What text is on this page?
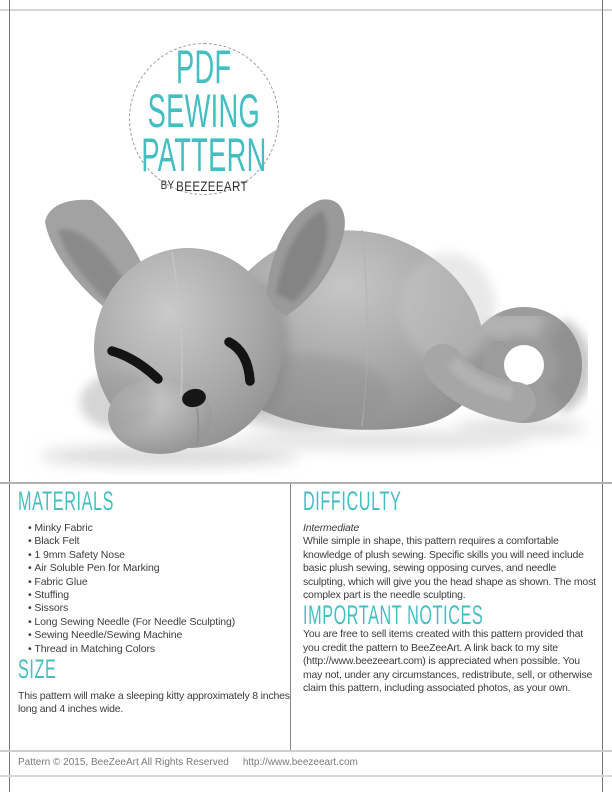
PDF
SEWING
PATTERN
BY BEEZEEART
MATERIALS
• Minky Fabric
• Black Felt
• 1 9mm Safety Nose
• Air Soluble Pen for Marking
• Fabric Glue
• Stuffing
• Sissors
• Long Sewing Needle (For Needle Sculpting)
• Sewing Needle/Sewing Machine
• Thread in Matching Colors
SIZE

This pattern will make a sleeping kitty approximately 8 inches long and 4 inches wide.

DIFFICULTY

Intermediate

While simple in shape, this pattern requires a comfortable knowledge of plush sewing. Specific skills you will need include basic plush sewing, sewing opposing curves, and needle sculpting, which will give you the head shape as shown. The most complex part is the needle sculpting.

IMPORTANT NOTICES

You are free to sell items created with this pattern provided that you credit the pattern to BeeZeeArt. A link back to my site (http://www.beezeeart.com) is appreciated when possible. You may not, under any circumstances, redistribute, sell, or otherwise claim this pattern, including associated photos, as your own.

Pattern © 2015, BeeZeeArt All Rights Reserved http://www.beezeeart.com
